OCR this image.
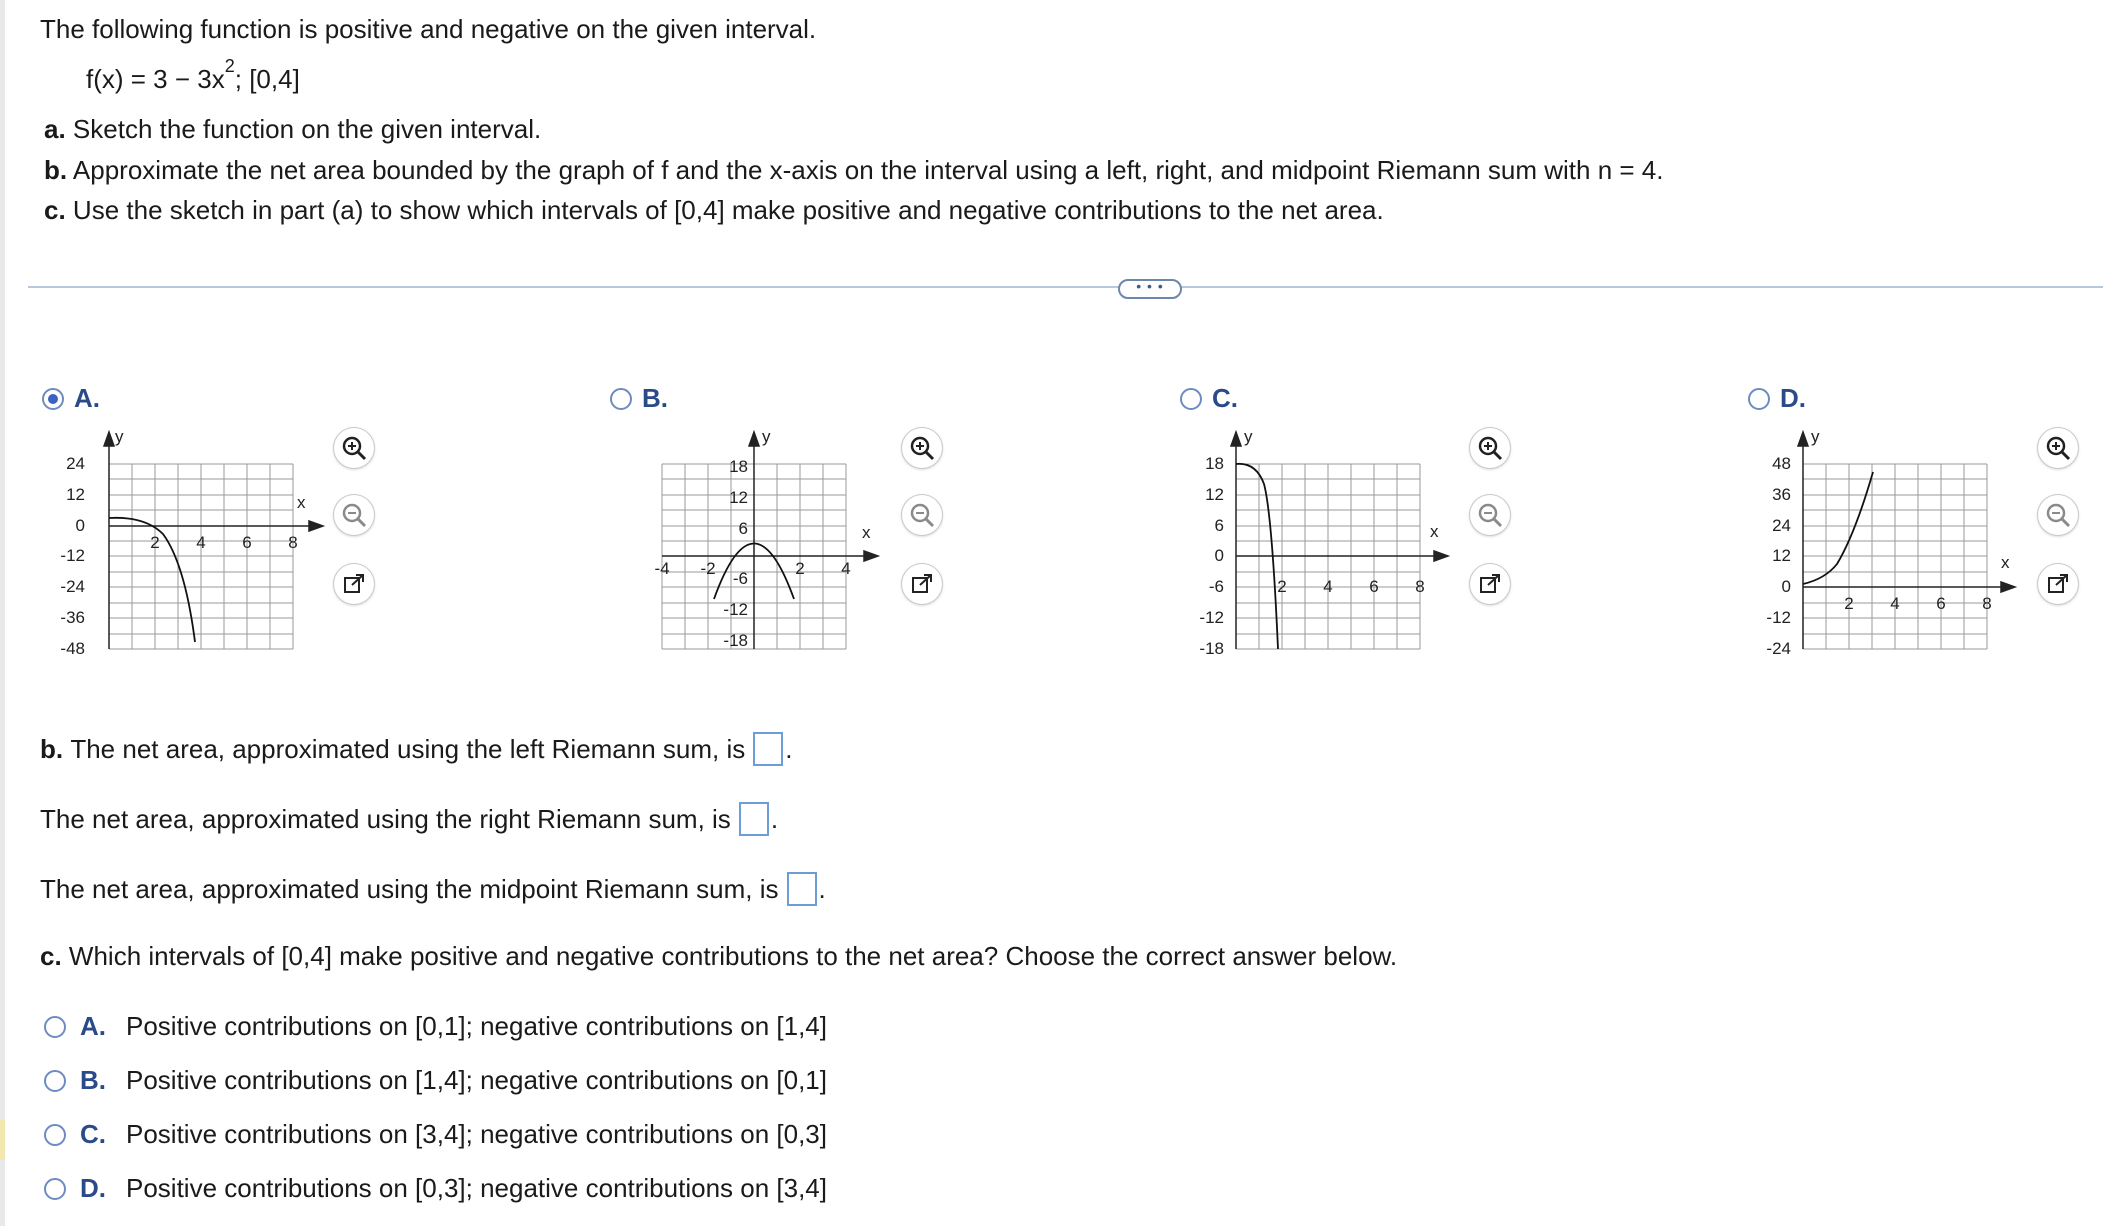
The following function is positive and negative on the given interval.
$f(x) = 3 - 3x^2$; [0,4]
a. Sketch the function on the given interval.
b. Approximate the net area bounded by the graph of f and the x-axis on the interval using a left, right, and midpoint Riemann sum with n = 4.
c. Use the sketch in part (a) to show which intervals of [0,4] make positive and negative contributions to the net area.
• • •
A.	B.	C.	D.
24
12
0
-12
-24
-36
-48
2 4 6 8
x
y
18
12
6
-6
-12
-18
-4 -2	2 4
x
y
18
12
6
0
-6
-12
-18
2 4 6 8
x
y
48
36
24
12
0
-12
-24
2 4 6 8
x
y
b.
The net area, approximated using the left Riemann sum, is .
The net area, approximated using the right Riemann sum, is .
The net area, approximated using the midpoint Riemann sum, is .
c.
Which intervals of [0,4] make positive and negative contributions to the net area? Choose the correct answer below.
A. Positive contributions on [0,1]; negative contributions on [1,4]
B. Positive contributions on [1,4]; negative contributions on [0,1]
C. Positive contributions on [3,4]; negative contributions on [0,3]
D. Positive contributions on [0,3]; negative contributions on [3,4]
